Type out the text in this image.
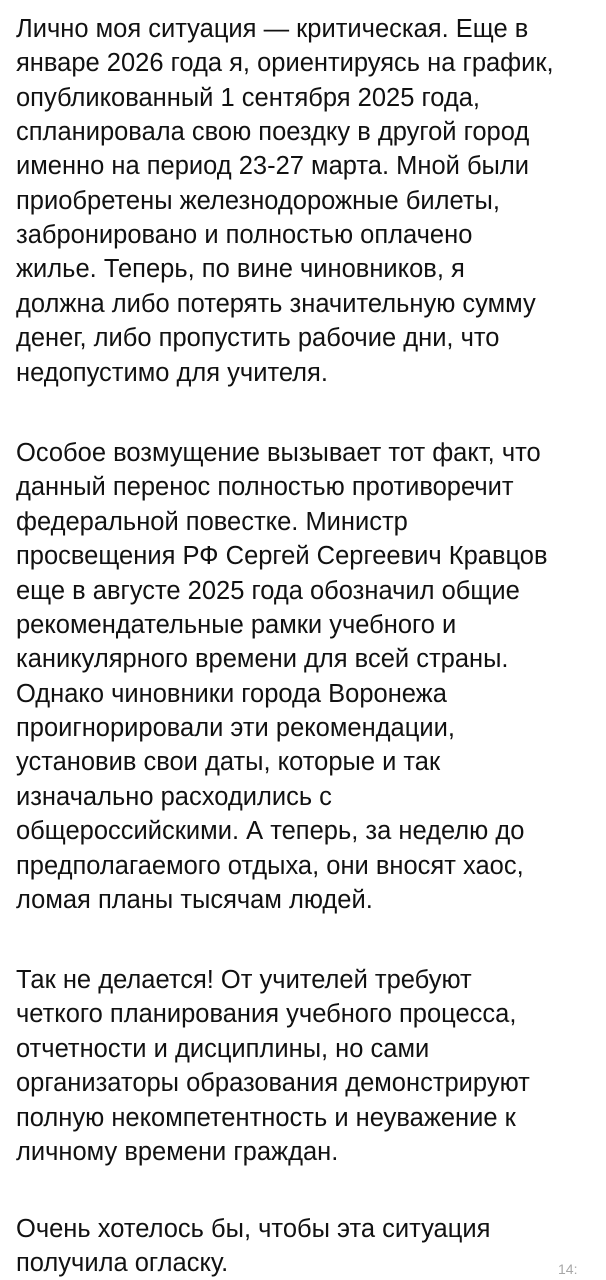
Лично моя ситуация — критическая. Еще в

январе 2026 года я, ориентируясь на график,

опубликованный 1 сентября 2025 года,

спланировала свою поездку в другой город

именно на период 23-27 марта. Мной были

приобретены железнодорожные билеты,

забронировано и полностью оплачено

жилье. Теперь, по вине чиновников, я

должна либо потерять значительную сумму

денег, либо пропустить рабочие дни, что

недопустимо для учителя.

Особое возмущение вызывает тот факт, что

данный перенос полностью противоречит

федеральной повестке. Министр

просвещения РФ Сергей Сергеевич Кравцов

еще в августе 2025 года обозначил общие

рекомендательные рамки учебного и

каникулярного времени для всей страны.

Однако чиновники города Воронежа

проигнорировали эти рекомендации,

установив свои даты, которые и так

изначально расходились с

общероссийскими. А теперь, за неделю до

предполагаемого отдыха, они вносят хаос,

ломая планы тысячам людей.

Так не делается! От учителей требуют

четкого планирования учебного процесса,

отчетности и дисциплины, но сами

организаторы образования демонстрируют

полную некомпетентность и неуважение к

личному времени граждан.

Очень хотелось бы, чтобы эта ситуация

получила огласку.	14:
